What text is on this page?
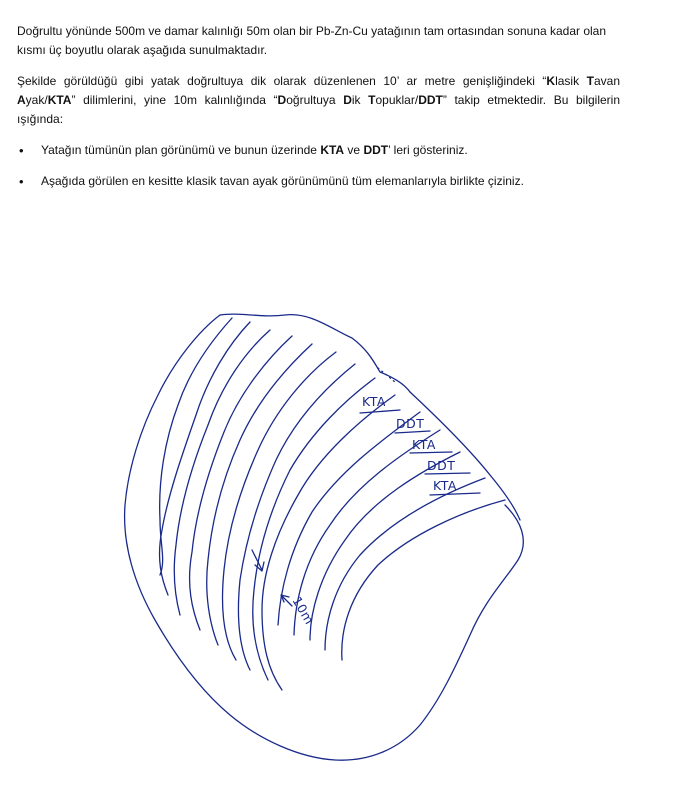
Doğrultu yönünde 500m ve damar kalınlığı 50m olan bir Pb-Zn-Cu yatağının tam ortasından sonuna kadar olan kısmı üç boyutlu olarak aşağıda sunulmaktadır.
Şekilde görüldüğü gibi yatak doğrultuya dik olarak düzenlenen 10’ ar metre genişliğindeki “Klasik Tavan Ayak/KTA” dilimlerini, yine 10m kalınlığında “Doğrultuya Dik Topuklar/DDT” takip etmektedir. Bu bilgilerin ışığında:
• Yatağın tümünün plan görünümü ve bunun üzerinde KTA ve DDT’ leri gösteriniz.
• Aşağıda görülen en kesitte klasik tavan ayak görünümünü tüm elemanlarıyla birlikte çiziniz.
KTA
DDT
KTA
DDT
KTA
10m
